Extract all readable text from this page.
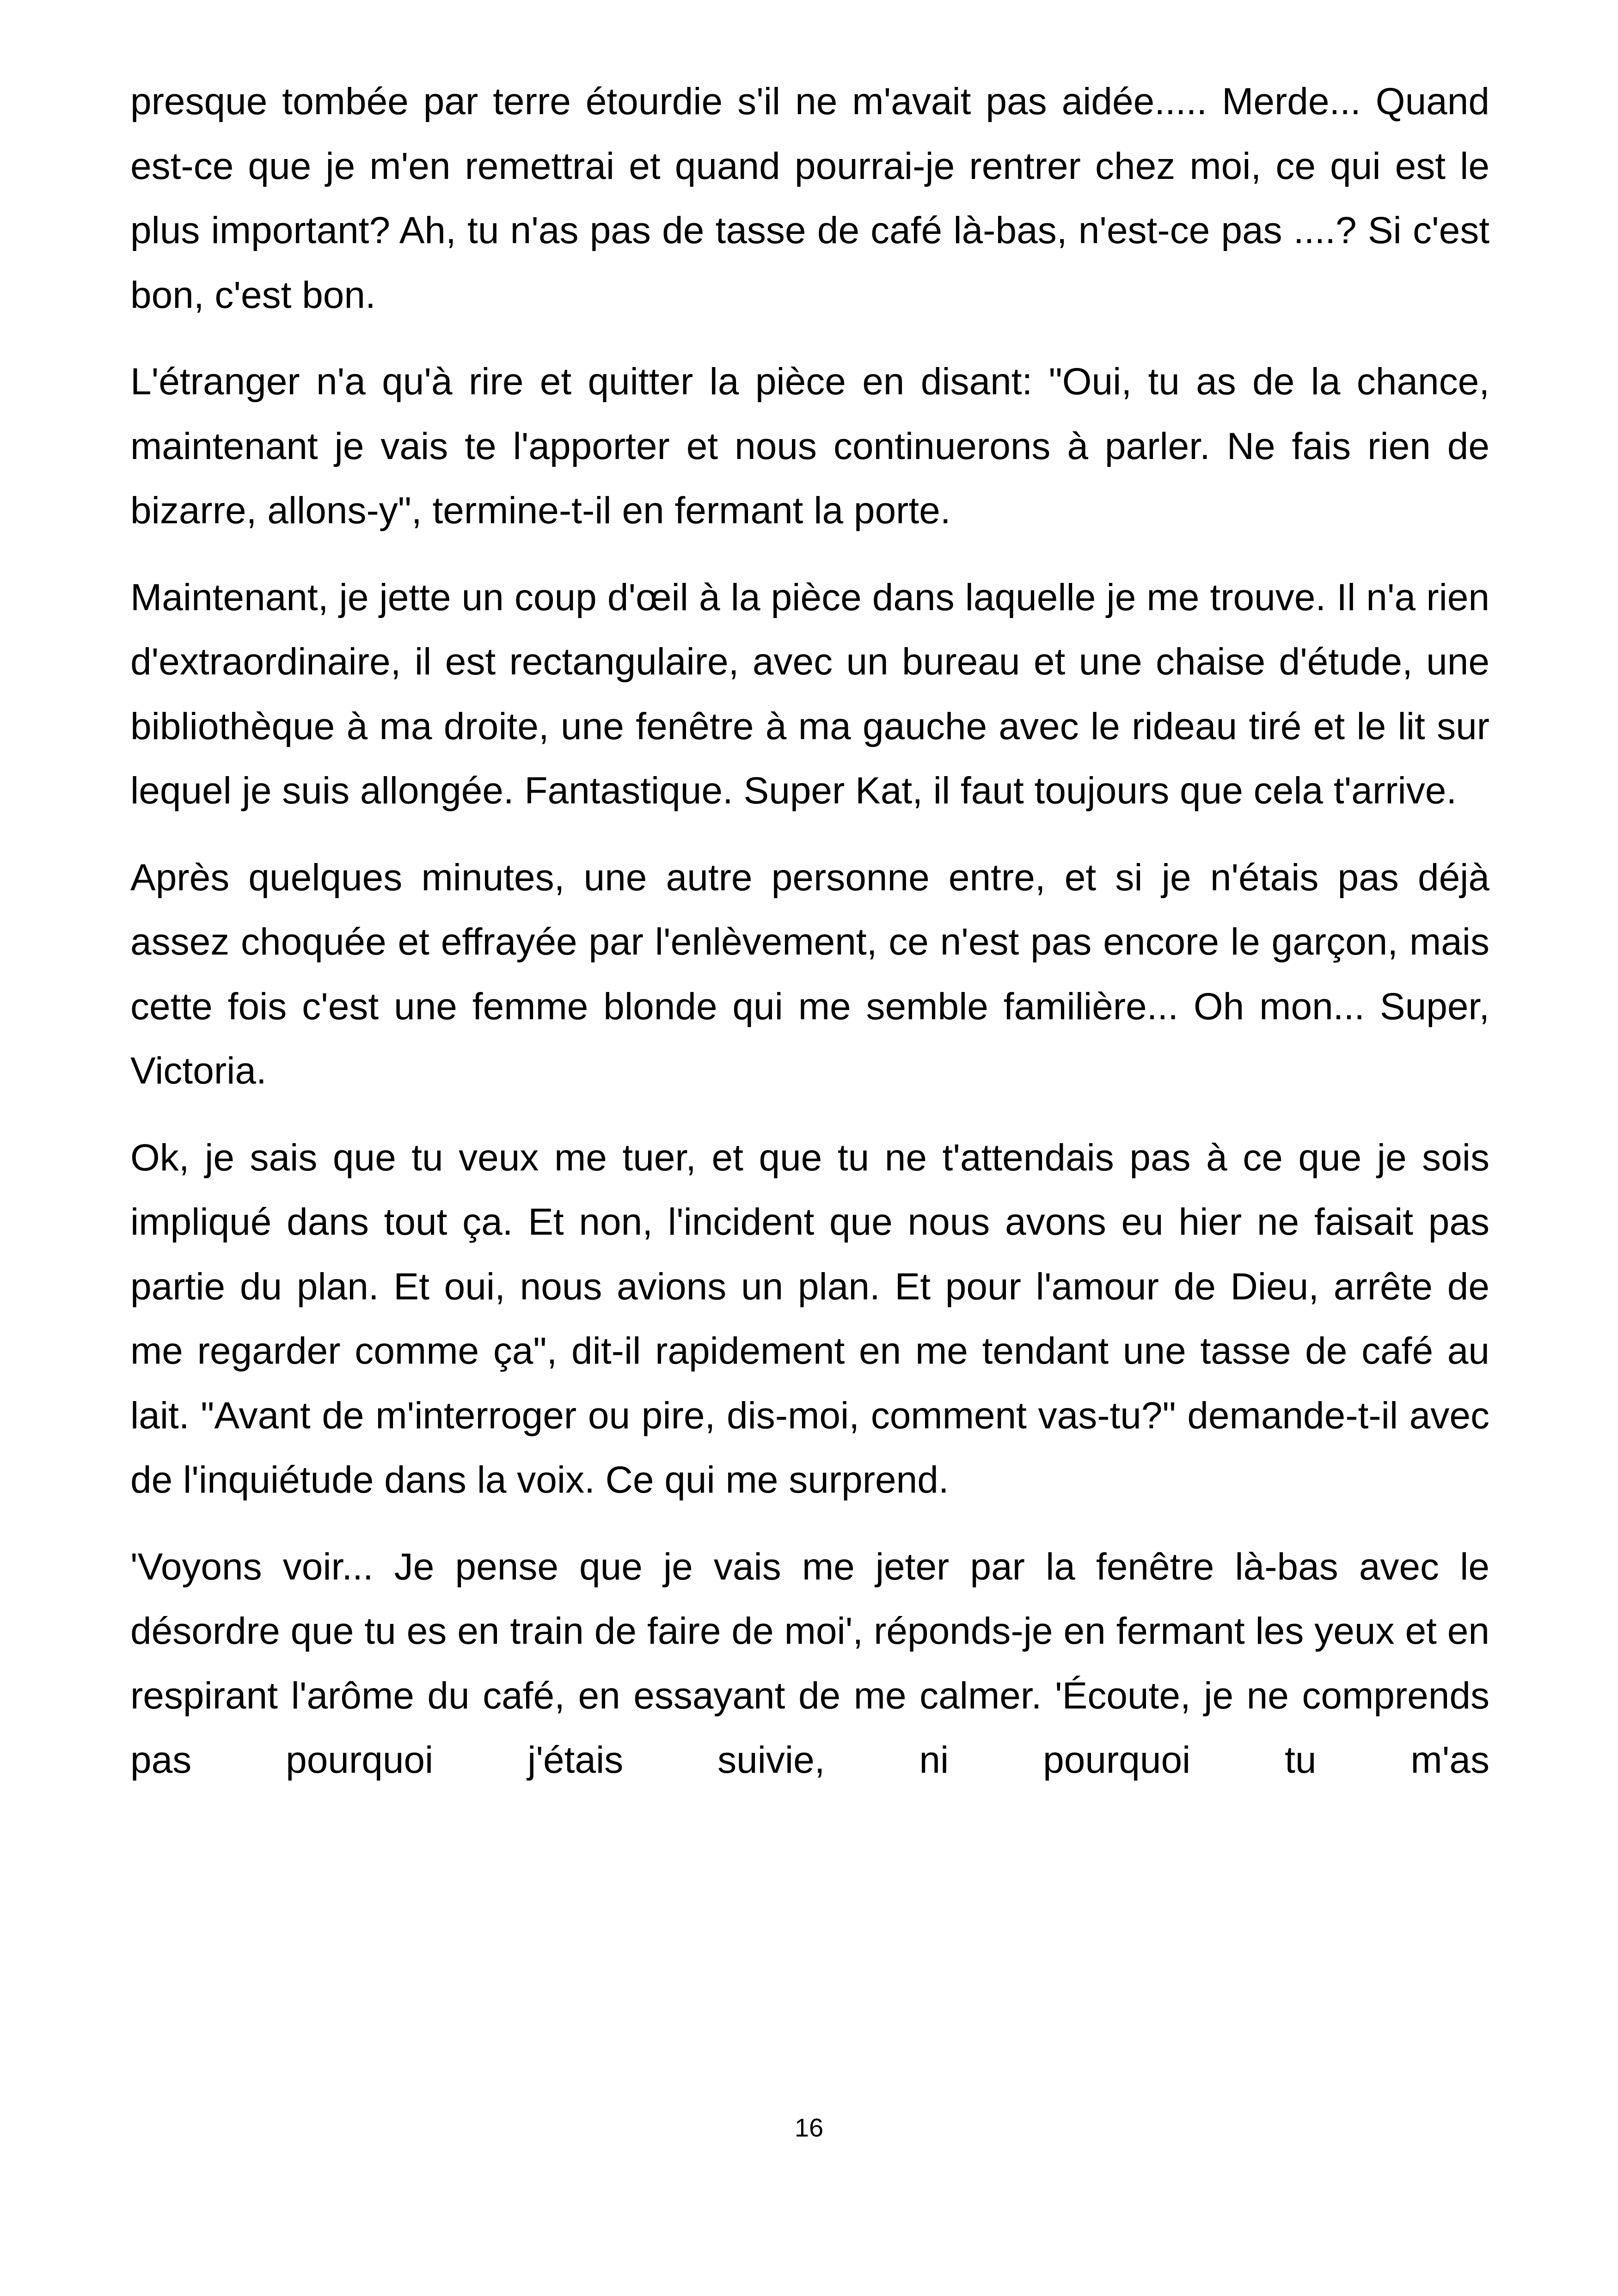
presque tombée par terre étourdie s'il ne m'avait pas aidée..... Merde... Quand est-ce que je m'en remettrai et quand pourrai-je rentrer chez moi, ce qui est le plus important? Ah, tu n'as pas de tasse de café là-bas, n'est-ce pas ....? Si c'est bon, c'est bon.

L'étranger n'a qu'à rire et quitter la pièce en disant: "Oui, tu as de la chance, maintenant je vais te l'apporter et nous continuerons à parler. Ne fais rien de bizarre, allons-y", termine-t-il en fermant la porte.

Maintenant, je jette un coup d'œil à la pièce dans laquelle je me trouve. Il n'a rien d'extraordinaire, il est rectangulaire, avec un bureau et une chaise d'étude, une bibliothèque à ma droite, une fenêtre à ma gauche avec le rideau tiré et le lit sur lequel je suis allongée. Fantastique. Super Kat, il faut toujours que cela t'arrive.

Après quelques minutes, une autre personne entre, et si je n'étais pas déjà assez choquée et effrayée par l'enlèvement, ce n'est pas encore le garçon, mais cette fois c'est une femme blonde qui me semble familière... Oh mon... Super, Victoria.

Ok, je sais que tu veux me tuer, et que tu ne t'attendais pas à ce que je sois impliqué dans tout ça. Et non, l'incident que nous avons eu hier ne faisait pas partie du plan. Et oui, nous avions un plan. Et pour l'amour de Dieu, arrête de me regarder comme ça", dit-il rapidement en me tendant une tasse de café au lait. "Avant de m'interroger ou pire, dis-moi, comment vas-tu?" demande-t-il avec de l'inquiétude dans la voix. Ce qui me surprend.

'Voyons voir... Je pense que je vais me jeter par la fenêtre là-bas avec le désordre que tu es en train de faire de moi', réponds-je en fermant les yeux et en respirant l'arôme du café, en essayant de me calmer. 'Écoute, je ne comprends pas pourquoi j'étais suivie, ni pourquoi tu m'as

16
